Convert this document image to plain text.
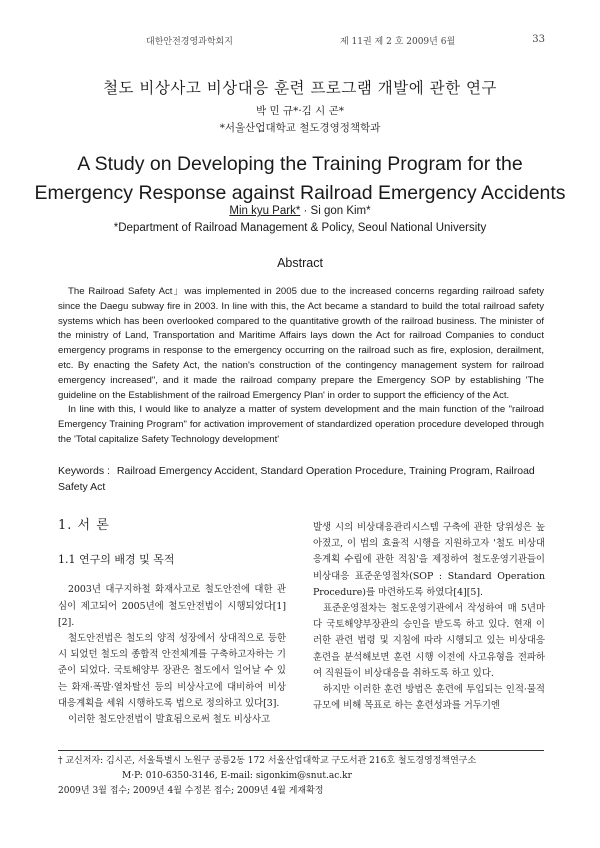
대한안전경영과학회지	제 11권 제 2 호 2009년 6월	33
철도 비상사고 비상대응 훈련 프로그램 개발에 관한 연구
박 민 규*·김 시 곤*
*서울산업대학교 철도경영정책학과
A Study on Developing the Training Program for the
Emergency Response against Railroad Emergency Accidents
Min kyu Park* · Si gon Kim*
*Department of Railroad Management & Policy, Seoul National University
Abstract

The Railroad Safety Act」was implemented in 2005 due to the increased concerns regarding railroad safety since the Daegu subway fire in 2003. In line with this, the Act became a standard to build the total railroad safety systems which has been overlooked compared to the quantitative growth of the railroad business. The minister of the ministry of Land, Transportation and Maritime Affairs lays down the Act for railroad Companies to conduct emergency programs in response to the emergency occurring on the railroad such as fire, explosion, derailment, etc. By enacting the Safety Act, the nation's construction of the contingency management system for railroad emergency increased", and it made the railroad company prepare the Emergency SOP by establishing 'The guideline on the Establishment of the railroad Emergency Plan' in order to support the efficiency of the Act.

In line with this, I would like to analyze a matter of system development and the main function of the "railroad Emergency Training Program" for activation improvement of standardized operation procedure developed through the 'Total capitalize Safety Technology development'

Keywords : Railroad Emergency Accident, Standard Operation Procedure, Training Program, Railroad Safety Act
1. 서 론
1.1 연구의 배경 및 목적

2003년 대구지하철 화재사고로 철도안전에 대한 관심이 제고되어 2005년에 철도안전법이 시행되었다[1][2].

철도안전법은 철도의 양적 성장에서 상대적으로 등한시 되었던 철도의 종합적 안전체계를 구축하고자하는 기준이 되었다. 국토해양부 장관은 철도에서 일어날 수 있는 화재·폭발·열차탈선 등의 비상사고에 대비하여 비상대응계획을 세워 시행하도록 법으로 정의하고 있다[3].

이러한 철도안전법이 발효됨으로써 철도 비상사고

발생 시의 비상대응관리시스템 구축에 관한 당위성은 높아졌고, 이 법의 효율적 시행을 지원하고자 '철도 비상대응계획 수립에 관한 적침'을 제정하여 철도운영기관들이 비상대응 표준운영절차(SOP : Standard Operation Procedure)를 마련하도록 하였다[4][5].

표준운영절차는 철도운영기관에서 작성하여 매 5년마다 국토해양부장관의 승인을 받도록 하고 있다. 현재 이러한 관련 법령 및 지침에 따라 시행되고 있는 비상대응 훈련을 분석해보면 훈련 시행 이전에 사고유형을 전파하여 직원들이 비상대응을 취하도록 하고 있다.

하지만 이러한 훈련 방법은 훈련에 투입되는 인적·물적 규모에 비해 목표로 하는 훈련성과를 거두기엔

† 교신저자: 김시곤, 서울특별시 노원구 공릉2동 172 서울산업대학교 구도서관 216호 철도경영정책연구소
M·P: 010-6350-3146, E-mail: sigonkim@snut.ac.kr
2009년 3월 접수; 2009년 4월 수정본 접수; 2009년 4월 게재확정
